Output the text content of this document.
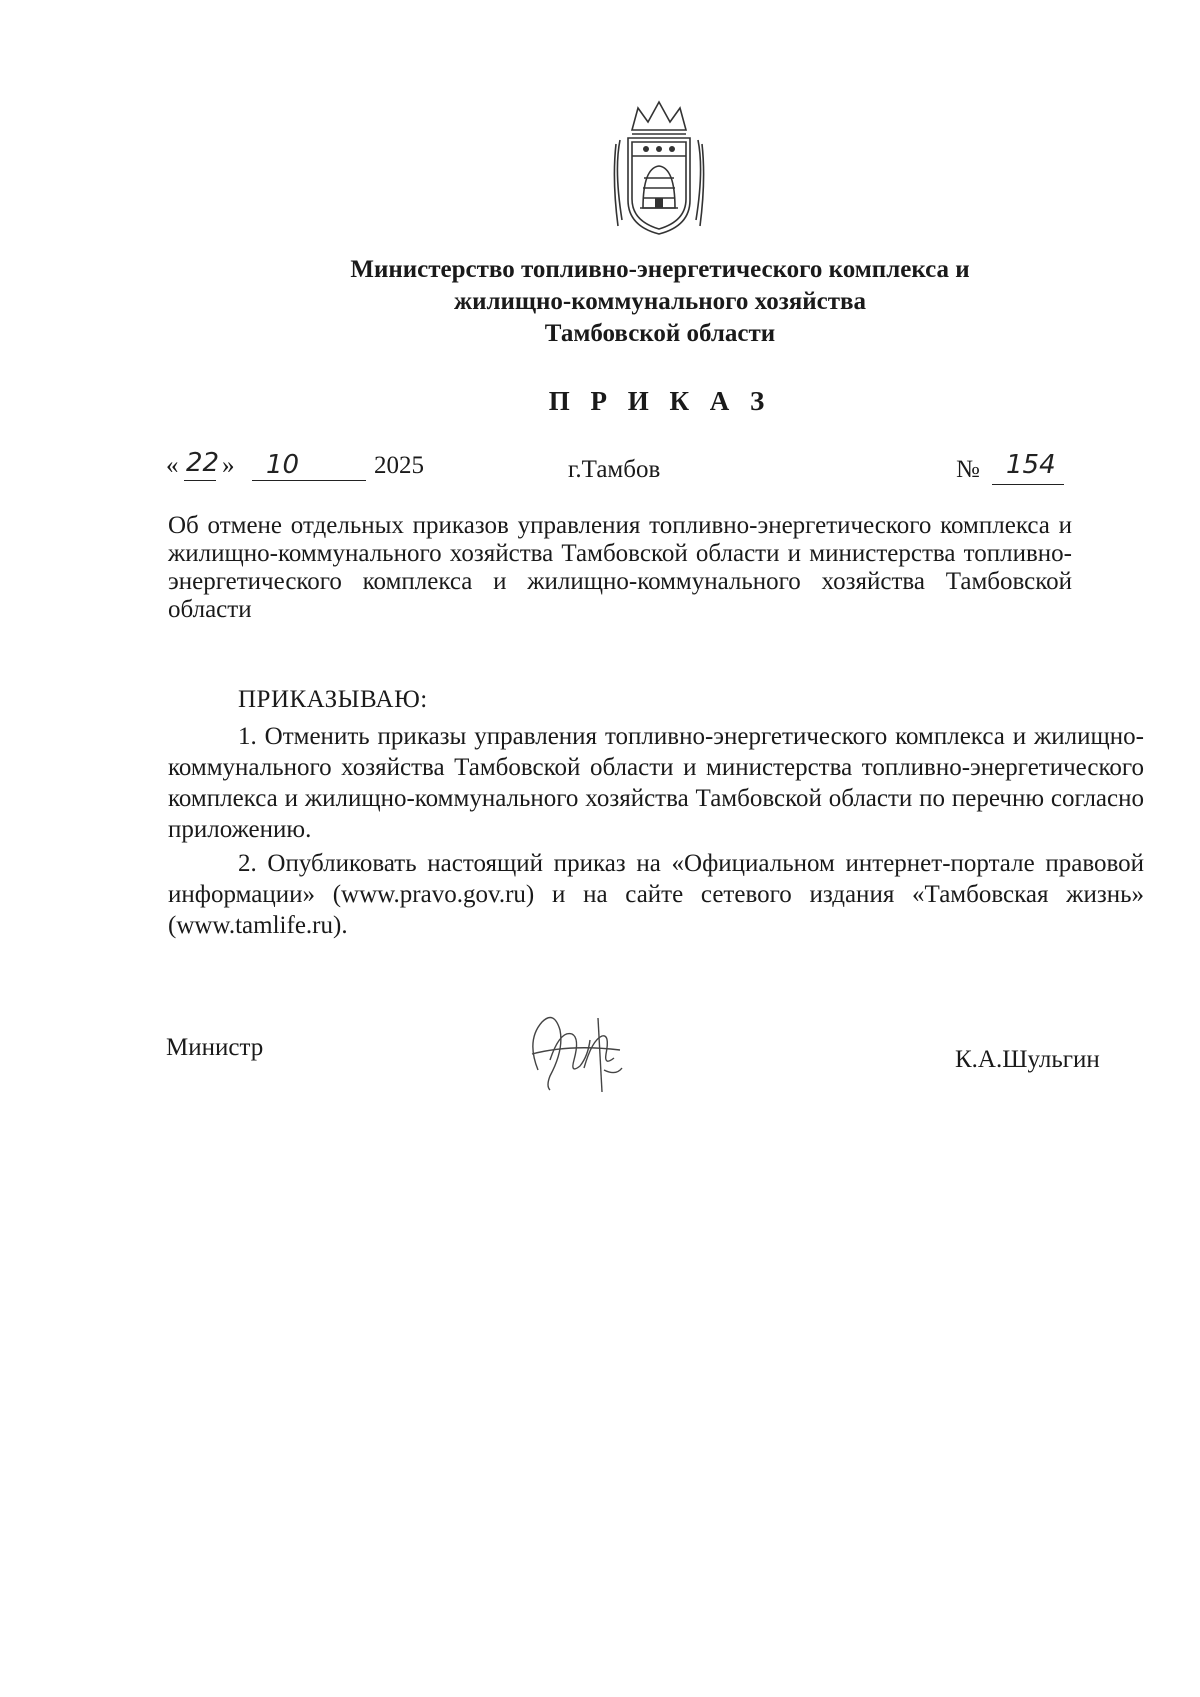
Министерство топливно-энергетического комплекса и
жилищно-коммунального хозяйства
Тамбовской области
П Р И К А З
« 22 » 10	2025	г.Тамбов	№ 154
Об отмене отдельных приказов управления топливно-энергетического комплекса и жилищно-коммунального хозяйства Тамбовской области и министерства топливно-энергетического комплекса и жилищно-коммунального хозяйства Тамбовской области
ПРИКАЗЫВАЮ:
1. Отменить приказы управления топливно-энергетического комплекса и жилищно-коммунального хозяйства Тамбовской области и министерства топливно-энергетического комплекса и жилищно-коммунального хозяйства Тамбовской области по перечню согласно приложению.
2. Опубликовать настоящий приказ на «Официальном интернет-портале правовой информации» (www.pravo.gov.ru) и на сайте сетевого издания «Тамбовская жизнь» (www.tamlife.ru).
Министр	К.А.Шульгин
